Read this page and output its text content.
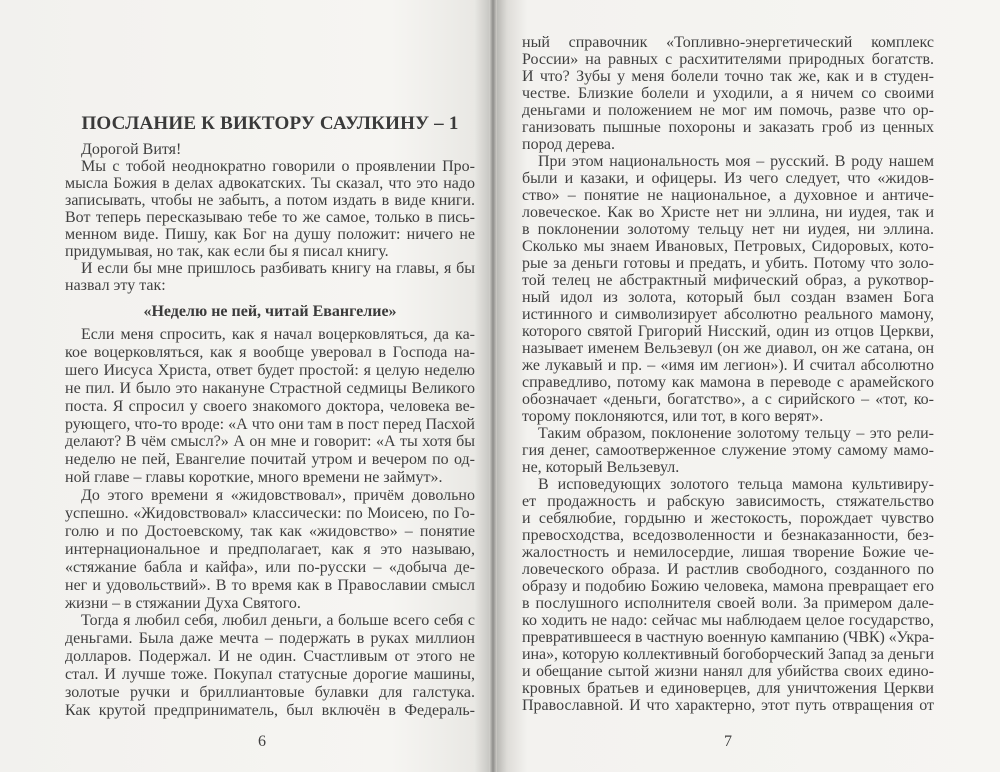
ПОСЛАНИЕ К ВИКТОРУ САУЛКИНУ – 1
«Неделю не пей, читай Евангелие»
6
Дорогой Витя!
Мы с тобой неоднократно говорили о проявлении Про-
мысла Божия в делах адвокатских. Ты сказал, что это надо
записывать, чтобы не забыть, а потом издать в виде книги.
Вот теперь пересказываю тебе то же самое, только в пись-
менном виде. Пишу, как Бог на душу положит: ничего не
придумывая, но так, как если бы я писал книгу.
И если бы мне пришлось разбивать книгу на главы, я бы
назвал эту так:
Если меня спросить, как я начал воцерковляться, да ка-
кое воцерковляться, как я вообще уверовал в Господа на-
шего Иисуса Христа, ответ будет простой: я целую неделю
не пил. И было это накануне Страстной седмицы Великого
поста. Я спросил у своего знакомого доктора, человека ве-
рующего, что-то вроде: «А что они там в пост перед Пасхой
делают? В чём смысл?» А он мне и говорит: «А ты хотя бы
неделю не пей, Евангелие почитай утром и вечером по од-
ной главе – главы короткие, много времени не займут».
До этого времени я «жидовствовал», причём довольно
успешно. «Жидовствовал» классически: по Моисею, по Го-
голю и по Достоевскому, так как «жидовство» – понятие
интернациональное и предполагает, как я это называю,
«стяжание бабла и кайфа», или по-русски – «добыча де-
нег и удовольствий». В то время как в Православии смысл
жизни – в стяжании Духа Святого.
Тогда я любил себя, любил деньги, а больше всего себя с
деньгами. Была даже мечта – подержать в руках миллион
долларов. Подержал. И не один. Счастливым от этого не
стал. И лучше тоже. Покупал статусные дорогие машины,
золотые ручки и бриллиантовые булавки для галстука.
Как крутой предприниматель, был включён в Федераль-
7
ный справочник «Топливно-энергетический комплекс
России» на равных с расхитителями природных богатств.
И что? Зубы у меня болели точно так же, как и в студен-
честве. Близкие болели и уходили, а я ничем со своими
деньгами и положением не мог им помочь, разве что ор-
ганизовать пышные похороны и заказать гроб из ценных
пород дерева.
При этом национальность моя – русский. В роду нашем
были и казаки, и офицеры. Из чего следует, что «жидов-
ство» – понятие не национальное, а духовное и античе-
ловеческое. Как во Христе нет ни эллина, ни иудея, так и
в поклонении золотому тельцу нет ни иудея, ни эллина.
Сколько мы знаем Ивановых, Петровых, Сидоровых, кото-
рые за деньги готовы и предать, и убить. Потому что золо-
той телец не абстрактный мифический образ, а рукотвор-
ный идол из золота, который был создан взамен Бога
истинного и символизирует абсолютно реального мамону,
которого святой Григорий Нисский, один из отцов Церкви,
называет именем Вельзевул (он же диавол, он же сатана, он
же лукавый и пр. – «имя им легион»). И считал абсолютно
справедливо, потому как мамона в переводе с арамейского
обозначает «деньги, богатство», а с сирийского – «тот, ко-
торому поклоняются, или тот, в кого верят».
Таким образом, поклонение золотому тельцу – это рели-
гия денег, самоотверженное служение этому самому мамо-
не, который Вельзевул.
В исповедующих золотого тельца мамона культивиру-
ет продажность и рабскую зависимость, стяжательство
и себялюбие, гордыню и жестокость, порождает чувство
превосходства, вседозволенности и безнаказанности, без-
жалостность и немилосердие, лишая творение Божие че-
ловеческого образа. И растлив свободного, созданного по
образу и подобию Божию человека, мамона превращает его
в послушного исполнителя своей воли. За примером дале-
ко ходить не надо: сейчас мы наблюдаем целое государство,
превратившееся в частную военную кампанию (ЧВК) «Укра-
ина», которую коллективный богоборческий Запад за деньги
и обещание сытой жизни нанял для убийства своих едино-
кровных братьев и единоверцев, для уничтожения Церкви
Православной. И что характерно, этот путь отвращения от
